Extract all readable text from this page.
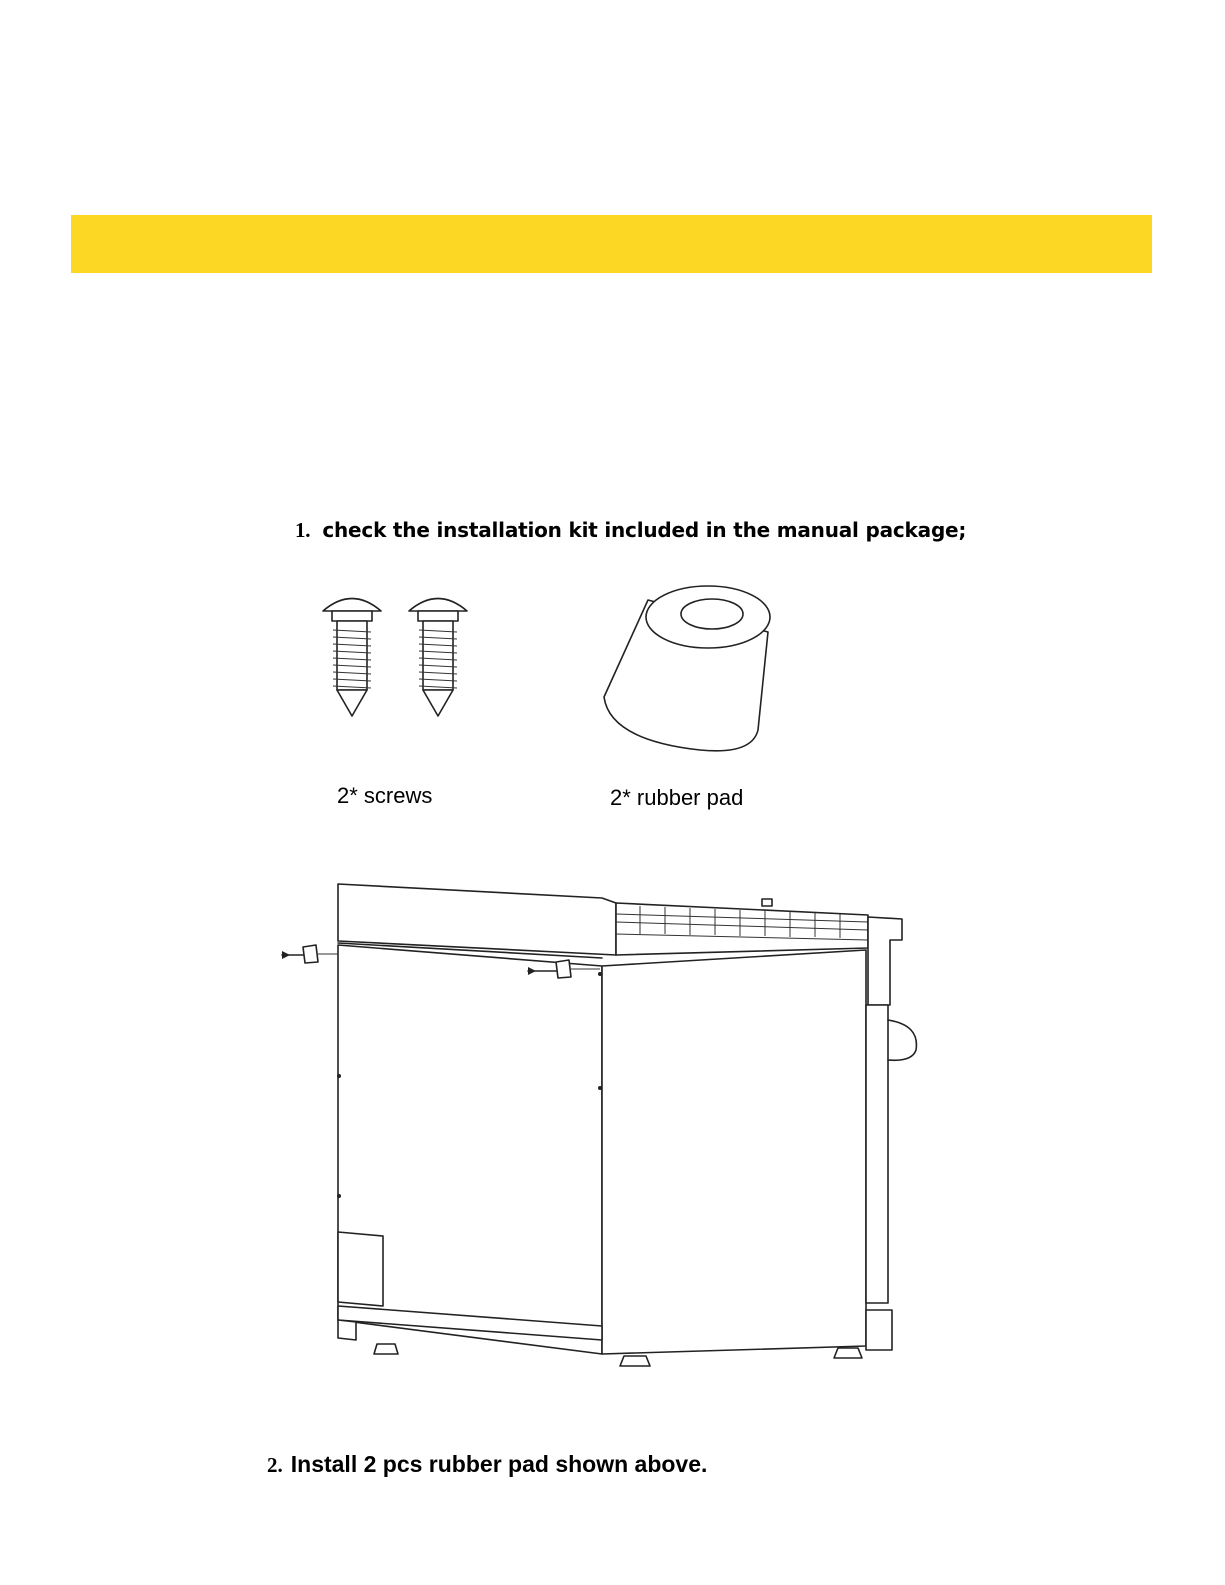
1. check the installation kit included in the manual package;
2* screws	2* rubber pad
2. Install 2 pcs rubber pad shown above.
